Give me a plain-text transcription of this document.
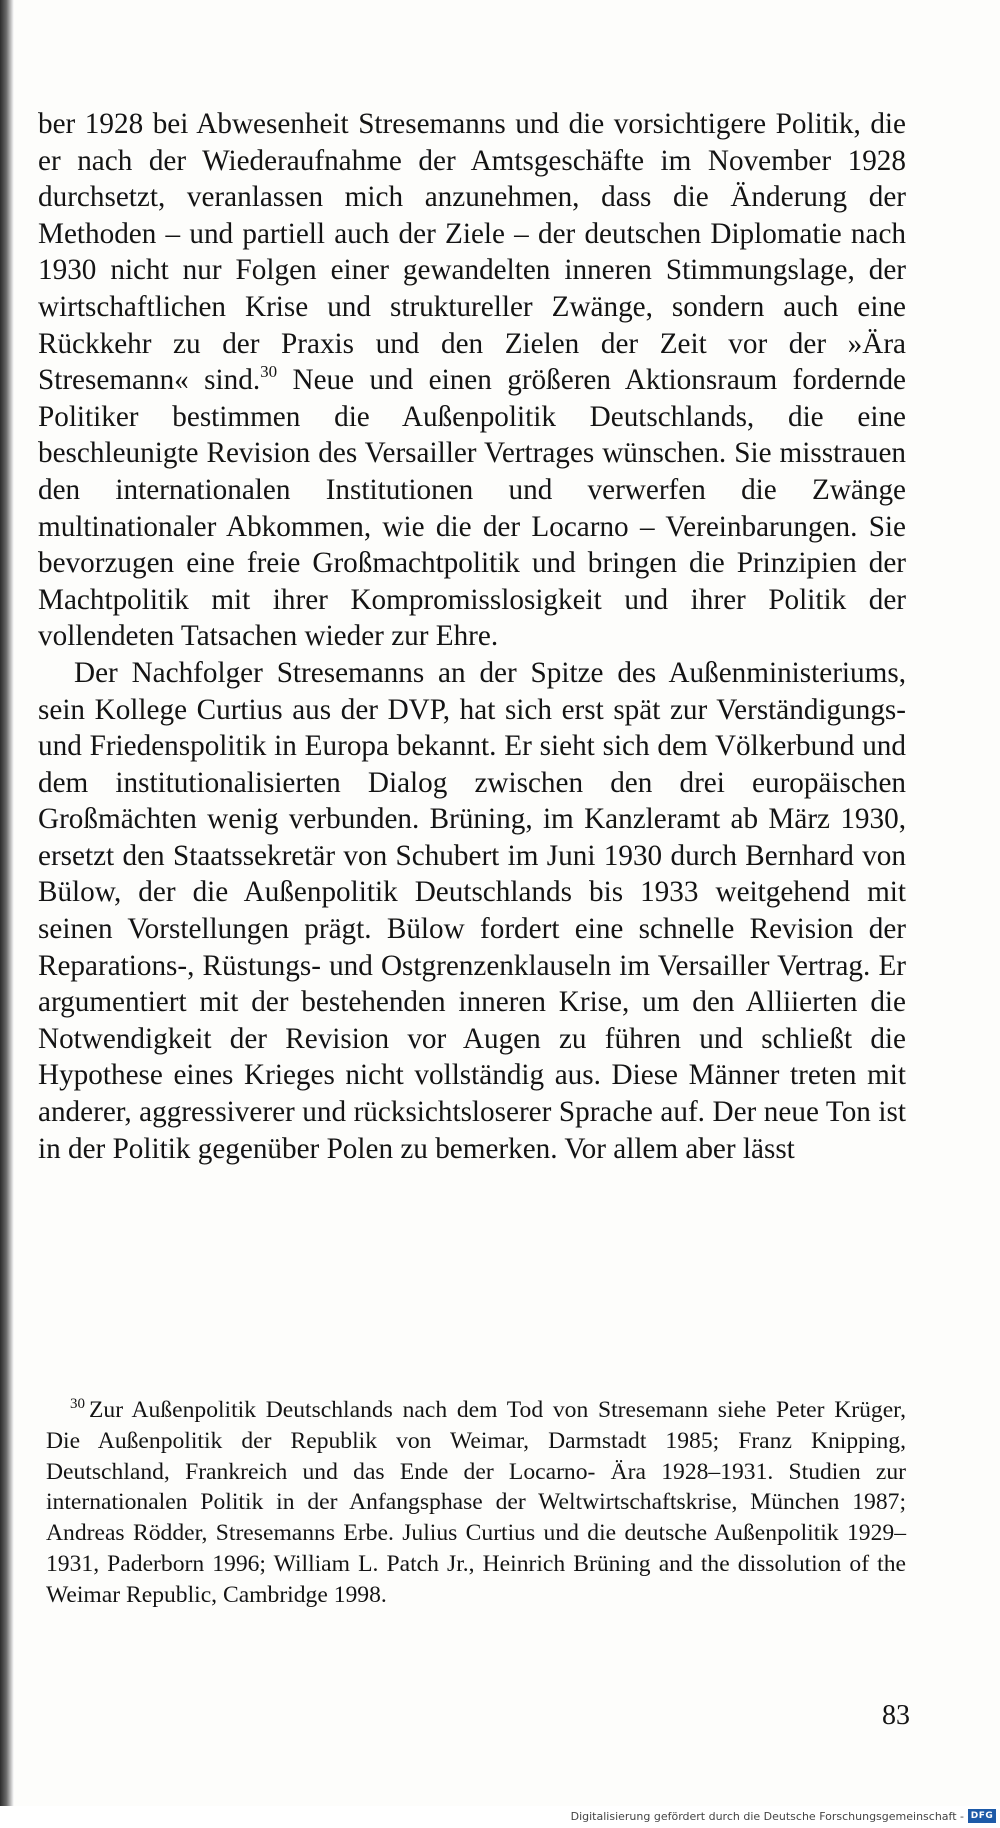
ber 1928 bei Abwesenheit Stresemanns und die vorsichtigere Politik, die er nach der Wiederaufnahme der Amtsgeschäfte im November 1928 durchsetzt, veranlassen mich anzunehmen, dass die Änderung der Methoden – und partiell auch der Ziele – der deutschen Diplomatie nach 1930 nicht nur Folgen einer gewandelten inneren Stimmungslage, der wirtschaftlichen Krise und struktureller Zwänge, sondern auch eine Rückkehr zu der Praxis und den Zielen der Zeit vor der »Ära Stresemann« sind.$^{30}$ Neue und einen größeren Aktionsraum fordernde Politiker bestimmen die Außenpolitik Deutschlands, die eine beschleunigte Revision des Versailler Vertrages wünschen. Sie misstrauen den internationalen Institutionen und verwerfen die Zwänge multinationaler Abkommen, wie die der Locarno – Vereinbarungen. Sie bevorzugen eine freie Großmachtpolitik und bringen die Prinzipien der Machtpolitik mit ihrer Kompromisslosigkeit und ihrer Politik der vollendeten Tatsachen wieder zur Ehre.

Der Nachfolger Stresemanns an der Spitze des Außenministeriums, sein Kollege Curtius aus der DVP, hat sich erst spät zur Verständigungs- und Friedenspolitik in Europa bekannt. Er sieht sich dem Völkerbund und dem institutionalisierten Dialog zwischen den drei europäischen Großmächten wenig verbunden. Brüning, im Kanzleramt ab März 1930, ersetzt den Staatssekretär von Schubert im Juni 1930 durch Bernhard von Bülow, der die Außenpolitik Deutschlands bis 1933 weitgehend mit seinen Vorstellungen prägt. Bülow fordert eine schnelle Revision der Reparations-, Rüstungs- und Ostgrenzenklauseln im Versailler Vertrag. Er argumentiert mit der bestehenden inneren Krise, um den Alliierten die Notwendigkeit der Revision vor Augen zu führen und schließt die Hypothese eines Krieges nicht vollständig aus. Diese Männer treten mit anderer, aggressiverer und rücksichtsloserer Sprache auf. Der neue Ton ist in der Politik gegenüber Polen zu bemerken. Vor allem aber lässt

$^{30}$ Zur Außenpolitik Deutschlands nach dem Tod von Stresemann siehe Peter Krüger, Die Außenpolitik der Republik von Weimar, Darmstadt 1985; Franz Knipping, Deutschland, Frankreich und das Ende der Locarno- Ära 1928–1931. Studien zur internationalen Politik in der Anfangsphase der Weltwirtschaftskrise, München 1987; Andreas Rödder, Stresemanns Erbe. Julius Curtius und die deutsche Außenpolitik 1929–1931, Paderborn 1996; William L. Patch Jr., Heinrich Brüning and the dissolution of the Weimar Republic, Cambridge 1998.

83
Digitalisierung gefördert durch die Deutsche Forschungsgemeinschaft - DFG
